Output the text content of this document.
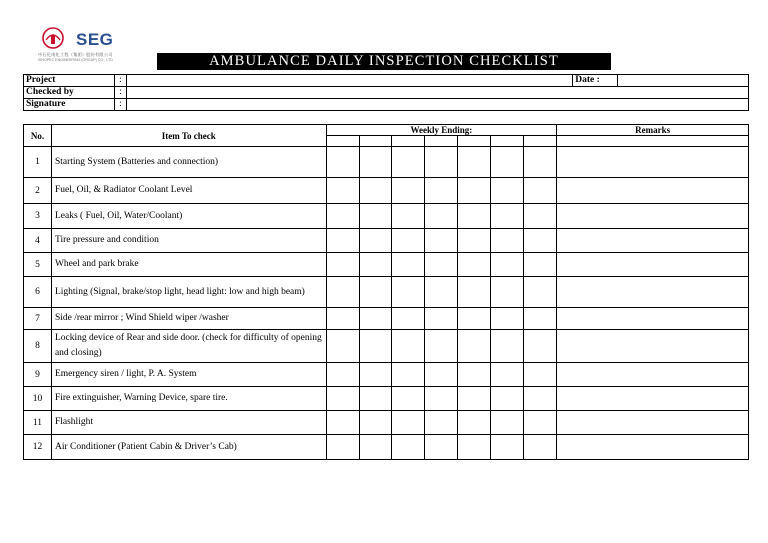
SEG
中石化南化工程（集团）股份有限公司
SINOPEC ENGINEERING (GROUP) CO., LTD	AMBULANCE DAILY INSPECTION CHECKLIST
Project	:		Date :	
Checked by	:			
Signature	:			
No.	Item To check	Weekly Ending:							Remarks

1	Starting System (Batteries and connection)								
2	Fuel, Oil, & Radiator Coolant Level								
3	Leaks ( Fuel, Oil, Water/Coolant)								
4	Tire pressure and condition								
5	Wheel and park brake								
6	Lighting (Signal, brake/stop light, head light: low and high beam)								
7	Side /rear mirror ; Wind Shield wiper /washer								
8	Locking device of Rear and side door. (check for difficulty of opening and closing)								
9	Emergency siren / light, P. A. System								
10	Fire extinguisher, Warning Device, spare tire.								
11	Flashlight								
12	Air Conditioner (Patient Cabin & Driver’s Cab)								
